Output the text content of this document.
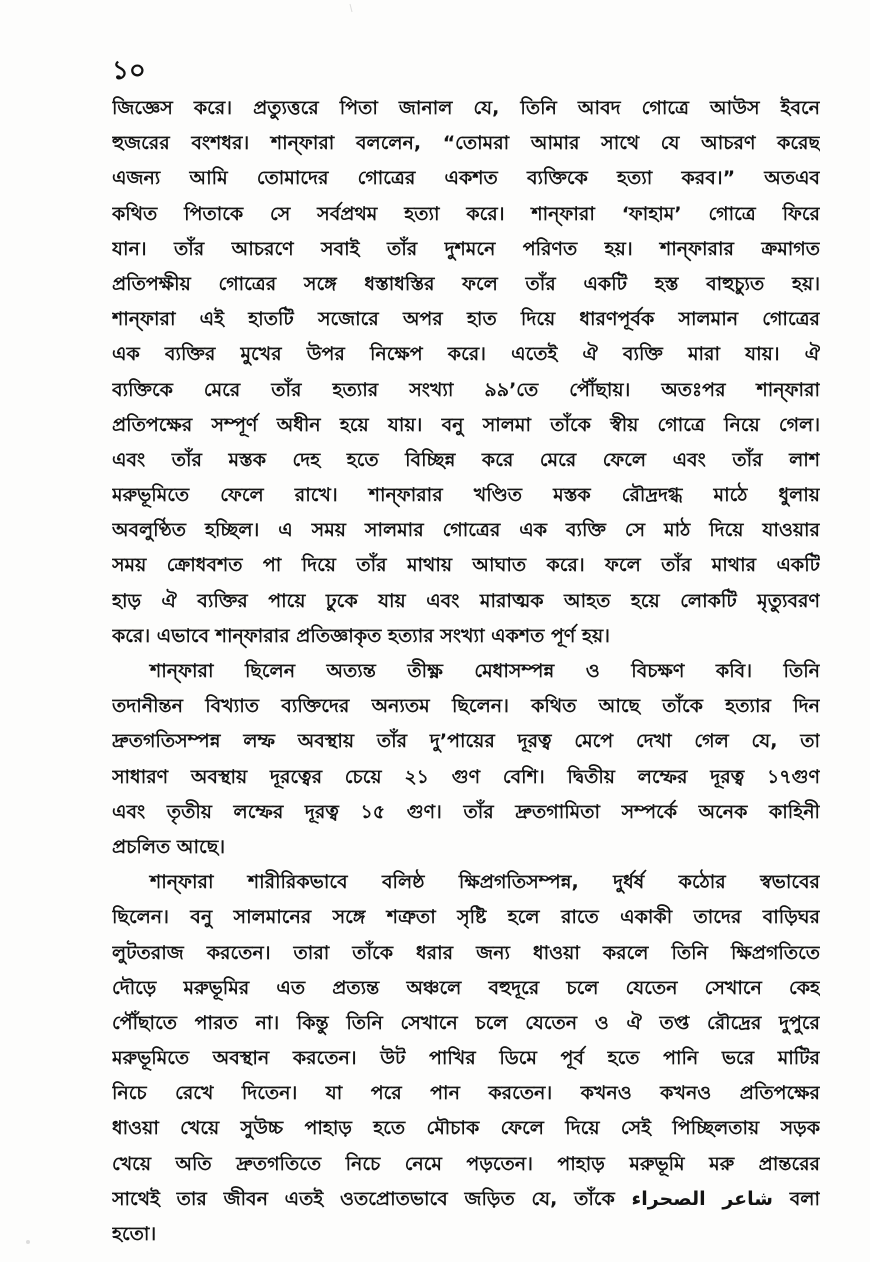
১০
জিজ্ঞেস করে। প্রত্যুত্তরে পিতা জানাল যে, তিনি আবদ গোত্রে আউস ইবনে
হুজরের বংশধর। শান্‌ফারা বললেন, “তোমরা আমার সাথে যে আচরণ করেছ
এজন্য আমি তোমাদের গোত্রের একশত ব্যক্তিকে হত্যা করব।” অতএব
কথিত পিতাকে সে সর্বপ্রথম হত্যা করে। শান্‌ফারা ‘ফাহাম’ গোত্রে ফিরে
যান। তাঁর আচরণে সবাই তাঁর দুশমনে পরিণত হয়। শান্‌ফারার ক্রমাগত
প্রতিপক্ষীয় গোত্রের সঙ্গে ধস্তাধস্তির ফলে তাঁর একটি হস্ত বাহুচ্যুত হয়।
শান্‌ফারা এই হাতটি সজোরে অপর হাত দিয়ে ধারণপূর্বক সালমান গোত্রের
এক ব্যক্তির মুখের উপর নিক্ষেপ করে। এতেই ঐ ব্যক্তি মারা যায়। ঐ
ব্যক্তিকে মেরে তাঁর হত্যার সংখ্যা ৯৯’তে পৌঁছায়। অতঃপর শান্‌ফারা
প্রতিপক্ষের সম্পূর্ণ অধীন হয়ে যায়। বনু সালমা তাঁকে স্বীয় গোত্রে নিয়ে গেল।
এবং তাঁর মস্তক দেহ হতে বিচ্ছিন্ন করে মেরে ফেলে এবং তাঁর লাশ
মরুভূমিতে ফেলে রাখে। শান্‌ফারার খণ্ডিত মস্তক রৌদ্রদগ্ধ মাঠে ধুলায়
অবলুণ্ঠিত হচ্ছিল। এ সময় সালমার গোত্রের এক ব্যক্তি সে মাঠ দিয়ে যাওয়ার
সময় ক্রোধবশত পা দিয়ে তাঁর মাথায় আঘাত করে। ফলে তাঁর মাথার একটি
হাড় ঐ ব্যক্তির পায়ে ঢুকে যায় এবং মারাত্মক আহত হয়ে লোকটি মৃত্যুবরণ
করে। এভাবে শান্‌ফারার প্রতিজ্ঞাকৃত হত্যার সংখ্যা একশত পূর্ণ হয়।
শান্‌ফারা ছিলেন অত্যন্ত তীক্ষ্ণ মেধাসম্পন্ন ও বিচক্ষণ কবি। তিনি
তদানীন্তন বিখ্যাত ব্যক্তিদের অন্যতম ছিলেন। কথিত আছে তাঁকে হত্যার দিন
দ্রুতগতিসম্পন্ন লম্ফ অবস্থায় তাঁর দু’পায়ের দূরত্ব মেপে দেখা গেল যে, তা
সাধারণ অবস্থায় দূরত্বের চেয়ে ২১ গুণ বেশি। দ্বিতীয় লম্ফের দূরত্ব ১৭গুণ
এবং তৃতীয় লম্ফের দূরত্ব ১৫ গুণ। তাঁর দ্রুতগামিতা সম্পর্কে অনেক কাহিনী
প্রচলিত আছে।
শান্‌ফারা শারীরিকভাবে বলিষ্ঠ ক্ষিপ্রগতিসম্পন্ন, দুর্ধর্ষ কঠোর স্বভাবের
ছিলেন। বনু সালমানের সঙ্গে শত্রুতা সৃষ্টি হলে রাতে একাকী তাদের বাড়িঘর
লুটতরাজ করতেন। তারা তাঁকে ধরার জন্য ধাওয়া করলে তিনি ক্ষিপ্রগতিতে
দৌড়ে মরুভূমির এত প্রত্যন্ত অঞ্চলে বহুদূরে চলে যেতেন সেখানে কেহ
পৌঁছাতে পারত না। কিন্তু তিনি সেখানে চলে যেতেন ও ঐ তপ্ত রৌদ্রের দুপুরে
মরুভূমিতে অবস্থান করতেন। উট পাখির ডিমে পূর্ব হতে পানি ভরে মাটির
নিচে রেখে দিতেন। যা পরে পান করতেন। কখনও কখনও প্রতিপক্ষের
ধাওয়া খেয়ে সুউচ্চ পাহাড় হতে মৌচাক ফেলে দিয়ে সেই পিচ্ছিলতায় সড়ক
খেয়ে অতি দ্রুতগতিতে নিচে নেমে পড়তেন। পাহাড় মরুভূমি মরু প্রান্তরের
সাথেই তার জীবন এতই ওতপ্রোতভাবে জড়িত যে, তাঁকে شاعر الصحراء বলা
হতো।
